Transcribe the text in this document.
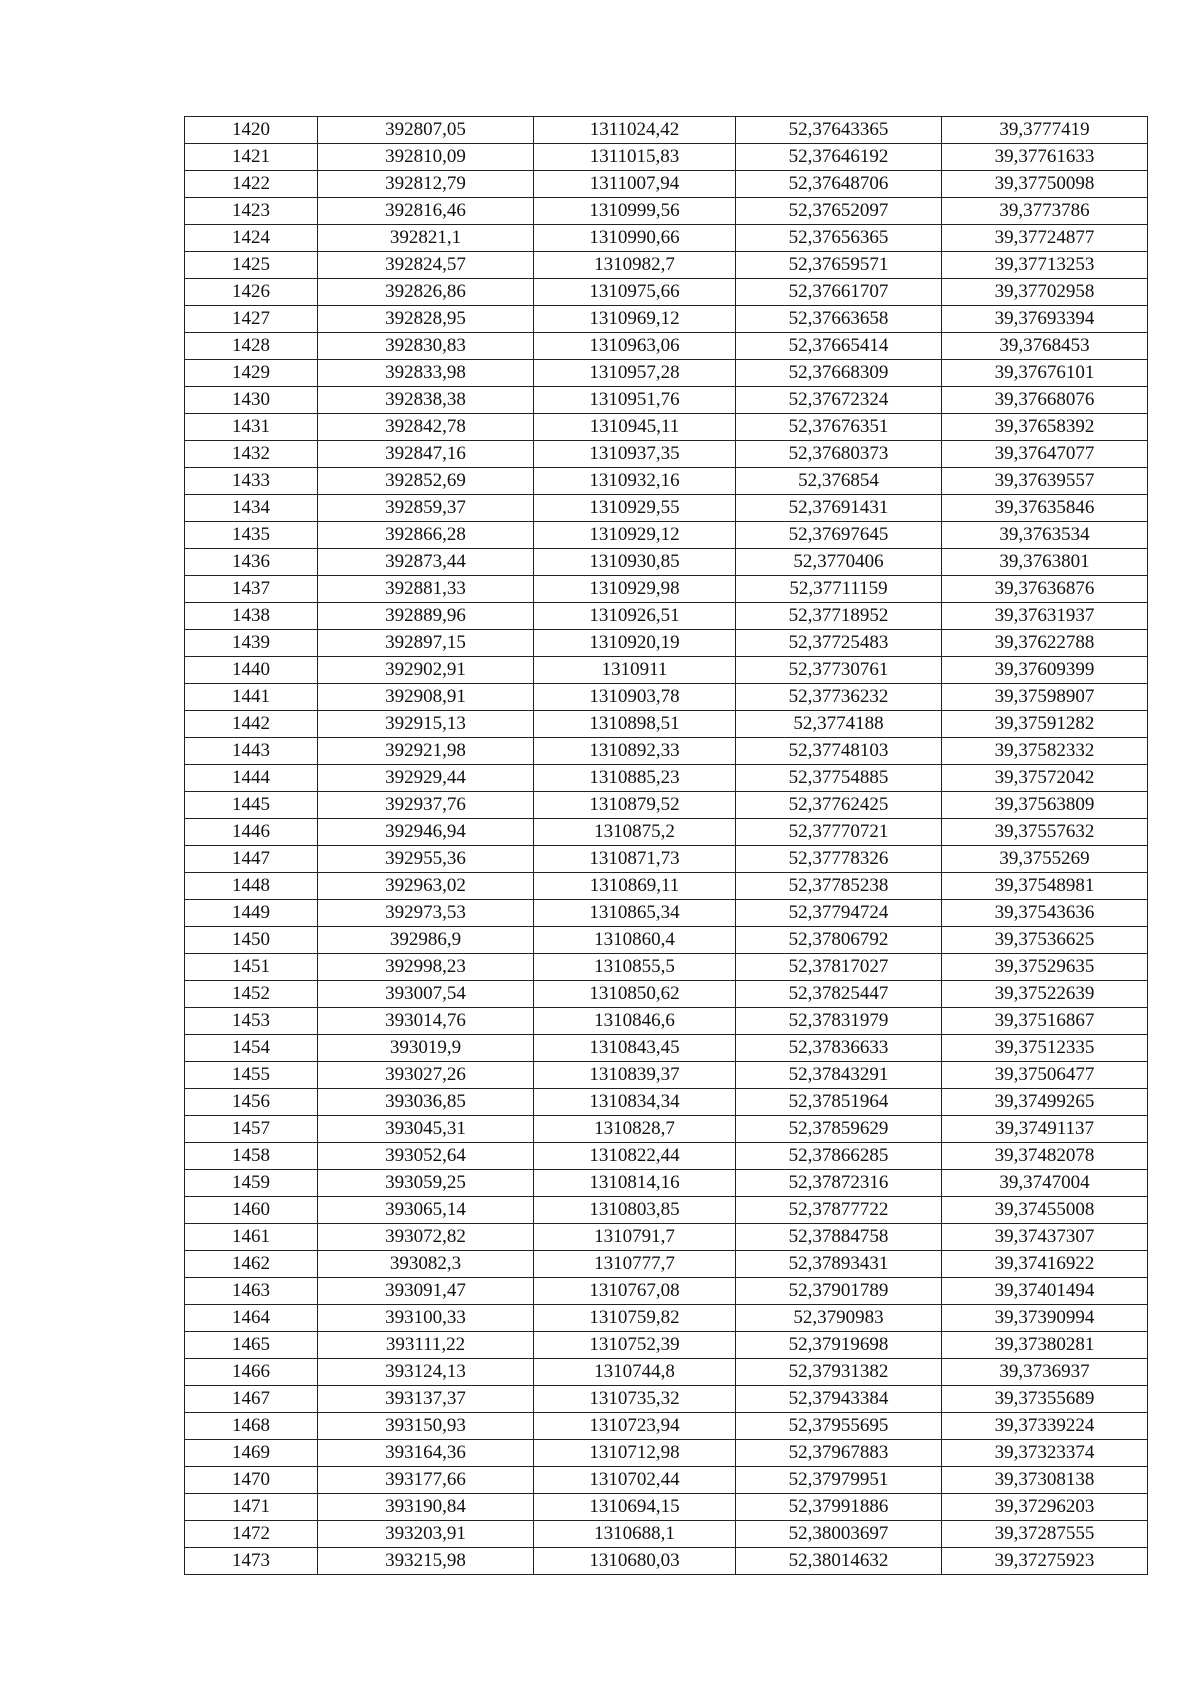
1420	392807,05	1311024,42	52,37643365	39,3777419
1421	392810,09	1311015,83	52,37646192	39,37761633
1422	392812,79	1311007,94	52,37648706	39,37750098
1423	392816,46	1310999,56	52,37652097	39,3773786
1424	392821,1	1310990,66	52,37656365	39,37724877
1425	392824,57	1310982,7	52,37659571	39,37713253
1426	392826,86	1310975,66	52,37661707	39,37702958
1427	392828,95	1310969,12	52,37663658	39,37693394
1428	392830,83	1310963,06	52,37665414	39,3768453
1429	392833,98	1310957,28	52,37668309	39,37676101
1430	392838,38	1310951,76	52,37672324	39,37668076
1431	392842,78	1310945,11	52,37676351	39,37658392
1432	392847,16	1310937,35	52,37680373	39,37647077
1433	392852,69	1310932,16	52,376854	39,37639557
1434	392859,37	1310929,55	52,37691431	39,37635846
1435	392866,28	1310929,12	52,37697645	39,3763534
1436	392873,44	1310930,85	52,3770406	39,3763801
1437	392881,33	1310929,98	52,37711159	39,37636876
1438	392889,96	1310926,51	52,37718952	39,37631937
1439	392897,15	1310920,19	52,37725483	39,37622788
1440	392902,91	1310911	52,37730761	39,37609399
1441	392908,91	1310903,78	52,37736232	39,37598907
1442	392915,13	1310898,51	52,3774188	39,37591282
1443	392921,98	1310892,33	52,37748103	39,37582332
1444	392929,44	1310885,23	52,37754885	39,37572042
1445	392937,76	1310879,52	52,37762425	39,37563809
1446	392946,94	1310875,2	52,37770721	39,37557632
1447	392955,36	1310871,73	52,37778326	39,3755269
1448	392963,02	1310869,11	52,37785238	39,37548981
1449	392973,53	1310865,34	52,37794724	39,37543636
1450	392986,9	1310860,4	52,37806792	39,37536625
1451	392998,23	1310855,5	52,37817027	39,37529635
1452	393007,54	1310850,62	52,37825447	39,37522639
1453	393014,76	1310846,6	52,37831979	39,37516867
1454	393019,9	1310843,45	52,37836633	39,37512335
1455	393027,26	1310839,37	52,37843291	39,37506477
1456	393036,85	1310834,34	52,37851964	39,37499265
1457	393045,31	1310828,7	52,37859629	39,37491137
1458	393052,64	1310822,44	52,37866285	39,37482078
1459	393059,25	1310814,16	52,37872316	39,3747004
1460	393065,14	1310803,85	52,37877722	39,37455008
1461	393072,82	1310791,7	52,37884758	39,37437307
1462	393082,3	1310777,7	52,37893431	39,37416922
1463	393091,47	1310767,08	52,37901789	39,37401494
1464	393100,33	1310759,82	52,3790983	39,37390994
1465	393111,22	1310752,39	52,37919698	39,37380281
1466	393124,13	1310744,8	52,37931382	39,3736937
1467	393137,37	1310735,32	52,37943384	39,37355689
1468	393150,93	1310723,94	52,37955695	39,37339224
1469	393164,36	1310712,98	52,37967883	39,37323374
1470	393177,66	1310702,44	52,37979951	39,37308138
1471	393190,84	1310694,15	52,37991886	39,37296203
1472	393203,91	1310688,1	52,38003697	39,37287555
1473	393215,98	1310680,03	52,38014632	39,37275923
